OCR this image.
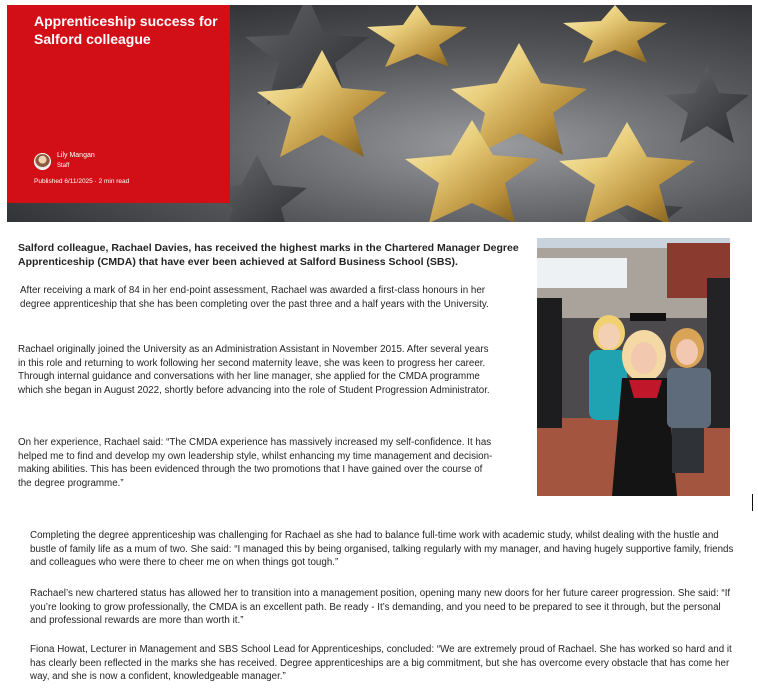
Apprenticeship success for Salford colleague
Lily Mangan
Staff
Published 6/11/2025 · 2 min read
Salford colleague, Rachael Davies, has received the highest marks in the Chartered Manager Degree Apprenticeship (CMDA) that have ever been achieved at Salford Business School (SBS).
After receiving a mark of 84 in her end-point assessment, Rachael was awarded a first-class honours in her degree apprenticeship that she has been completing over the past three and a half years with the University.
Rachael originally joined the University as an Administration Assistant in November 2015. After several years in this role and returning to work following her second maternity leave, she was keen to progress her career. Through internal guidance and conversations with her line manager, she applied for the CMDA programme which she began in August 2022, shortly before advancing into the role of Student Progression Administrator.
On her experience, Rachael said: “The CMDA experience has massively increased my self-confidence. It has helped me to find and develop my own leadership style, whilst enhancing my time management and decision-making abilities. This has been evidenced through the two promotions that I have gained over the course of the degree programme.”
Completing the degree apprenticeship was challenging for Rachael as she had to balance full-time work with academic study, whilst dealing with the hustle and bustle of family life as a mum of two. She said: “I managed this by being organised, talking regularly with my manager, and having hugely supportive family, friends and colleagues who were there to cheer me on when things got tough.”
Rachael’s new chartered status has allowed her to transition into a management position, opening many new doors for her future career progression. She said: “If you’re looking to grow professionally, the CMDA is an excellent path. Be ready - It’s demanding, and you need to be prepared to see it through, but the personal and professional rewards are more than worth it.”
Fiona Howat, Lecturer in Management and SBS School Lead for Apprenticeships, concluded: “We are extremely proud of Rachael. She has worked so hard and it has clearly been reflected in the marks she has received. Degree apprenticeships are a big commitment, but she has overcome every obstacle that has come her way, and she is now a confident, knowledgeable manager.”
